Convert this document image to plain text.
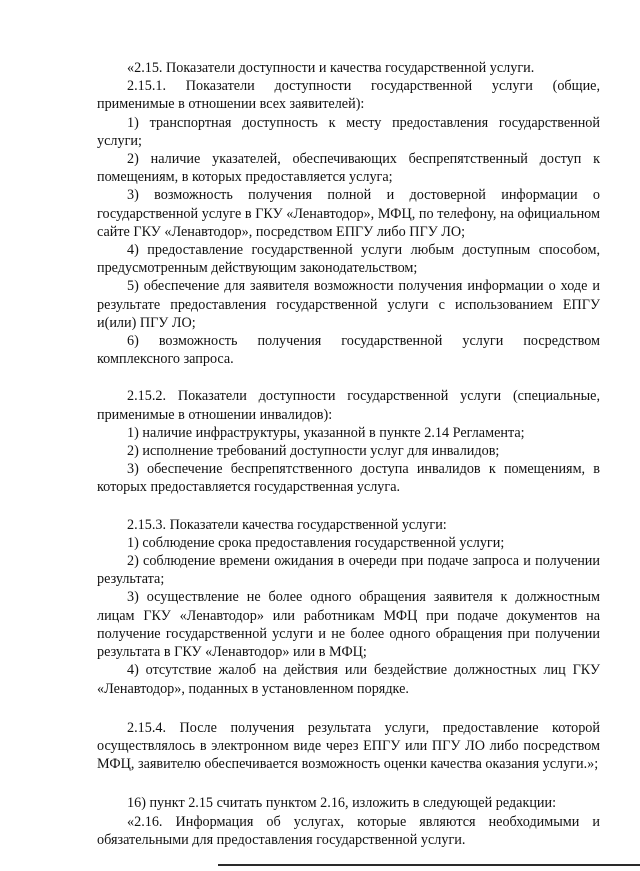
«2.15. Показатели доступности и качества государственной услуги.

2.15.1. Показатели доступности государственной услуги (общие, применимые в отношении всех заявителей):

1) транспортная доступность к месту предоставления государственной услуги;

2) наличие указателей, обеспечивающих беспрепятственный доступ к помещениям, в которых предоставляется услуга;

3) возможность получения полной и достоверной информации о государственной услуге в ГКУ «Ленавтодор», МФЦ, по телефону, на официальном сайте ГКУ «Ленавтодор», посредством ЕПГУ либо ПГУ ЛО;

4) предоставление государственной услуги любым доступным способом, предусмотренным действующим законодательством;

5) обеспечение для заявителя возможности получения информации о ходе и результате предоставления государственной услуги с использованием ЕПГУ и(или) ПГУ ЛО;

6) возможность получения государственной услуги посредством комплексного запроса.

2.15.2. Показатели доступности государственной услуги (специальные, применимые в отношении инвалидов):

1) наличие инфраструктуры, указанной в пункте 2.14 Регламента;

2) исполнение требований доступности услуг для инвалидов;

3) обеспечение беспрепятственного доступа инвалидов к помещениям, в которых предоставляется государственная услуга.

2.15.3. Показатели качества государственной услуги:

1) соблюдение срока предоставления государственной услуги;

2) соблюдение времени ожидания в очереди при подаче запроса и получении результата;

3) осуществление не более одного обращения заявителя к должностным лицам ГКУ «Ленавтодор» или работникам МФЦ при подаче документов на получение государственной услуги и не более одного обращения при получении результата в ГКУ «Ленавтодор» или в МФЦ;

4) отсутствие жалоб на действия или бездействие должностных лиц ГКУ «Ленавтодор», поданных в установленном порядке.

2.15.4. После получения результата услуги, предоставление которой осуществлялось в электронном виде через ЕПГУ или ПГУ ЛО либо посредством МФЦ, заявителю обеспечивается возможность оценки качества оказания услуги.»;

16) пункт 2.15 считать пунктом 2.16, изложить в следующей редакции:

«2.16. Информация об услугах, которые являются необходимыми и обязательными для предоставления государственной услуги.
